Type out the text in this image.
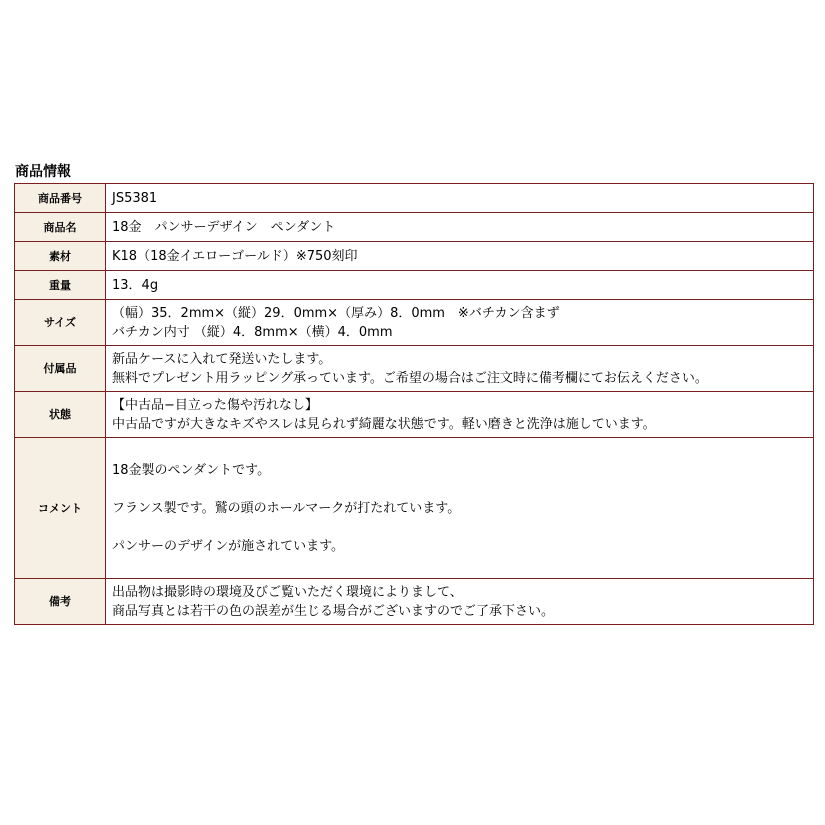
商品情報
商品番号	JS5381
商品名	18金　パンサーデザイン　ペンダント
素材	K18（18金イエローゴールド）※750刻印
重量	13．4g
サイズ	（幅）35．2mm×（縦）29．0mm×（厚み）8．0mm　※バチカン含まず
バチカン内寸 （縦）4．8mm×（横）4．0mm

付属品	新品ケースに入れて発送いたします。
無料でプレゼント用ラッピング承っています。ご希望の場合はご注文時に備考欄にてお伝えください。

状態	【中古品−目立った傷や汚れなし】
中古品ですが大きなキズやスレは見られず綺麗な状態です。軽い磨きと洗浄は施しています。

コメント	18金製のペンダントです。
フランス製です。鷲の頭のホールマークが打たれています。
パンサーのデザインが施されています。

備考	出品物は撮影時の環境及びご覧いただく環境によりまして、
商品写真とは若干の色の誤差が生じる場合がございますのでご了承下さい。
